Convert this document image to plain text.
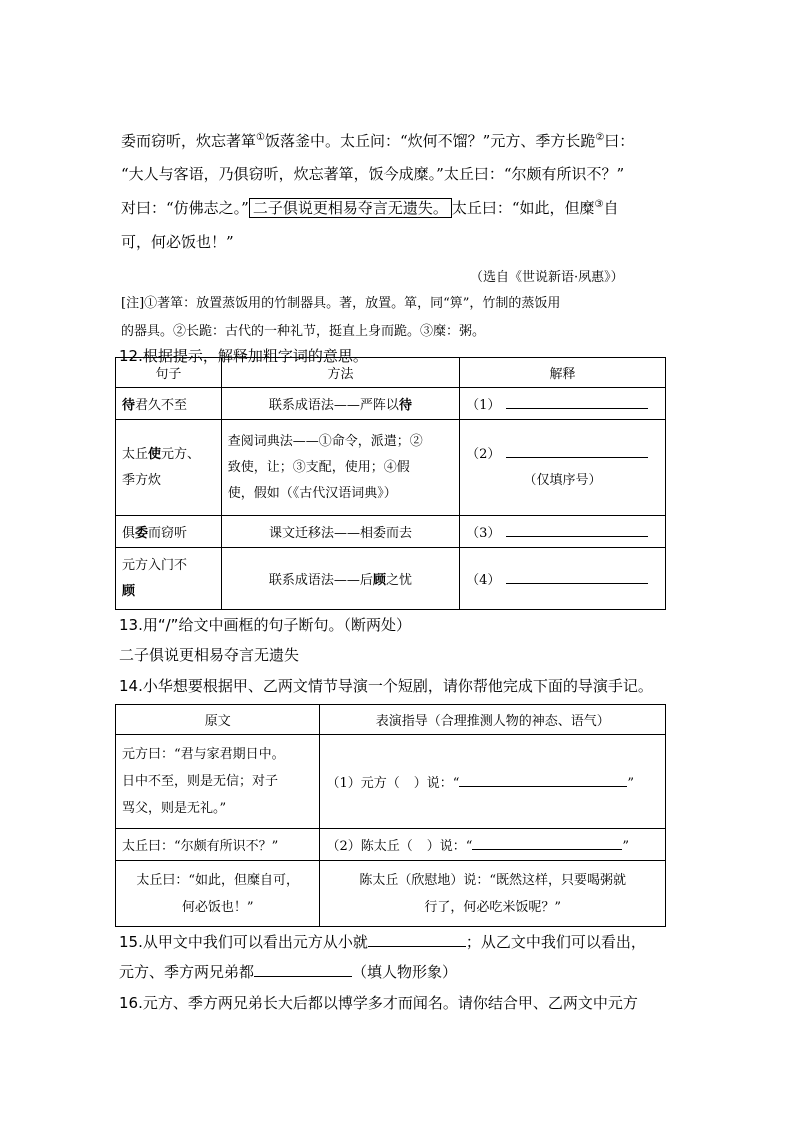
委而窃听，炊忘著箪①饭落釜中。太丘问：“炊何不馏？”元方、季方长跪②曰：
“大人与客语，乃俱窃听，炊忘著箪，饭今成糜。”太丘曰：“尔颇有所识不？”
对曰：“仿佛志之。” 二子俱说更相易夺言无遗失。 太丘曰：“如此，但糜③自
可，何必饭也！”
（选自《世说新语·夙惠》）
[注]①著箪：放置蒸饭用的竹制器具。著，放置。箪，同“箅”，竹制的蒸饭用
的器具。②长跪：古代的一种礼节，挺直上身而跪。③糜：粥。
12.根据提示，解释加粗字词的意思。
句子	方法	解释
待君久不至	联系成语法——严阵以待	（1）
太丘使元方、
季方炊	查阅词典法——①命令，派遣；②
致使，让；③支配，使用；④假
使，假如（《古代汉语词典》）	（2）

（仅填序号）

俱委而窃听	课文迁移法——相委而去	（3）
元方入门不
顾	联系成语法——后顾之忧	（4）
13.用“/”给文中画框的句子断句。（断两处）
二子俱说更相易夺言无遗失
14.小华想要根据甲、乙两文情节导演一个短剧，请你帮他完成下面的导演手记。
原文	表演指导（合理推测人物的神态、语气）
元方曰：“君与家君期日中。
日中不至，则是无信；对子
骂父，则是无礼。”	（1）元方（ ）说：“ ”
太丘曰：“尔颇有所识不？”	（2）陈太丘（ ）说：“ ”
太丘曰：“如此，但糜自可，
何必饭也！”	陈太丘（欣慰地）说：“既然这样，只要喝粥就
行了，何必吃米饭呢？”
15.从甲文中我们可以看出元方从小就	；从乙文中我们可以看出，
元方、季方两兄弟都	（填人物形象）
16.元方、季方两兄弟长大后都以博学多才而闻名。请你结合甲、乙两文中元方
